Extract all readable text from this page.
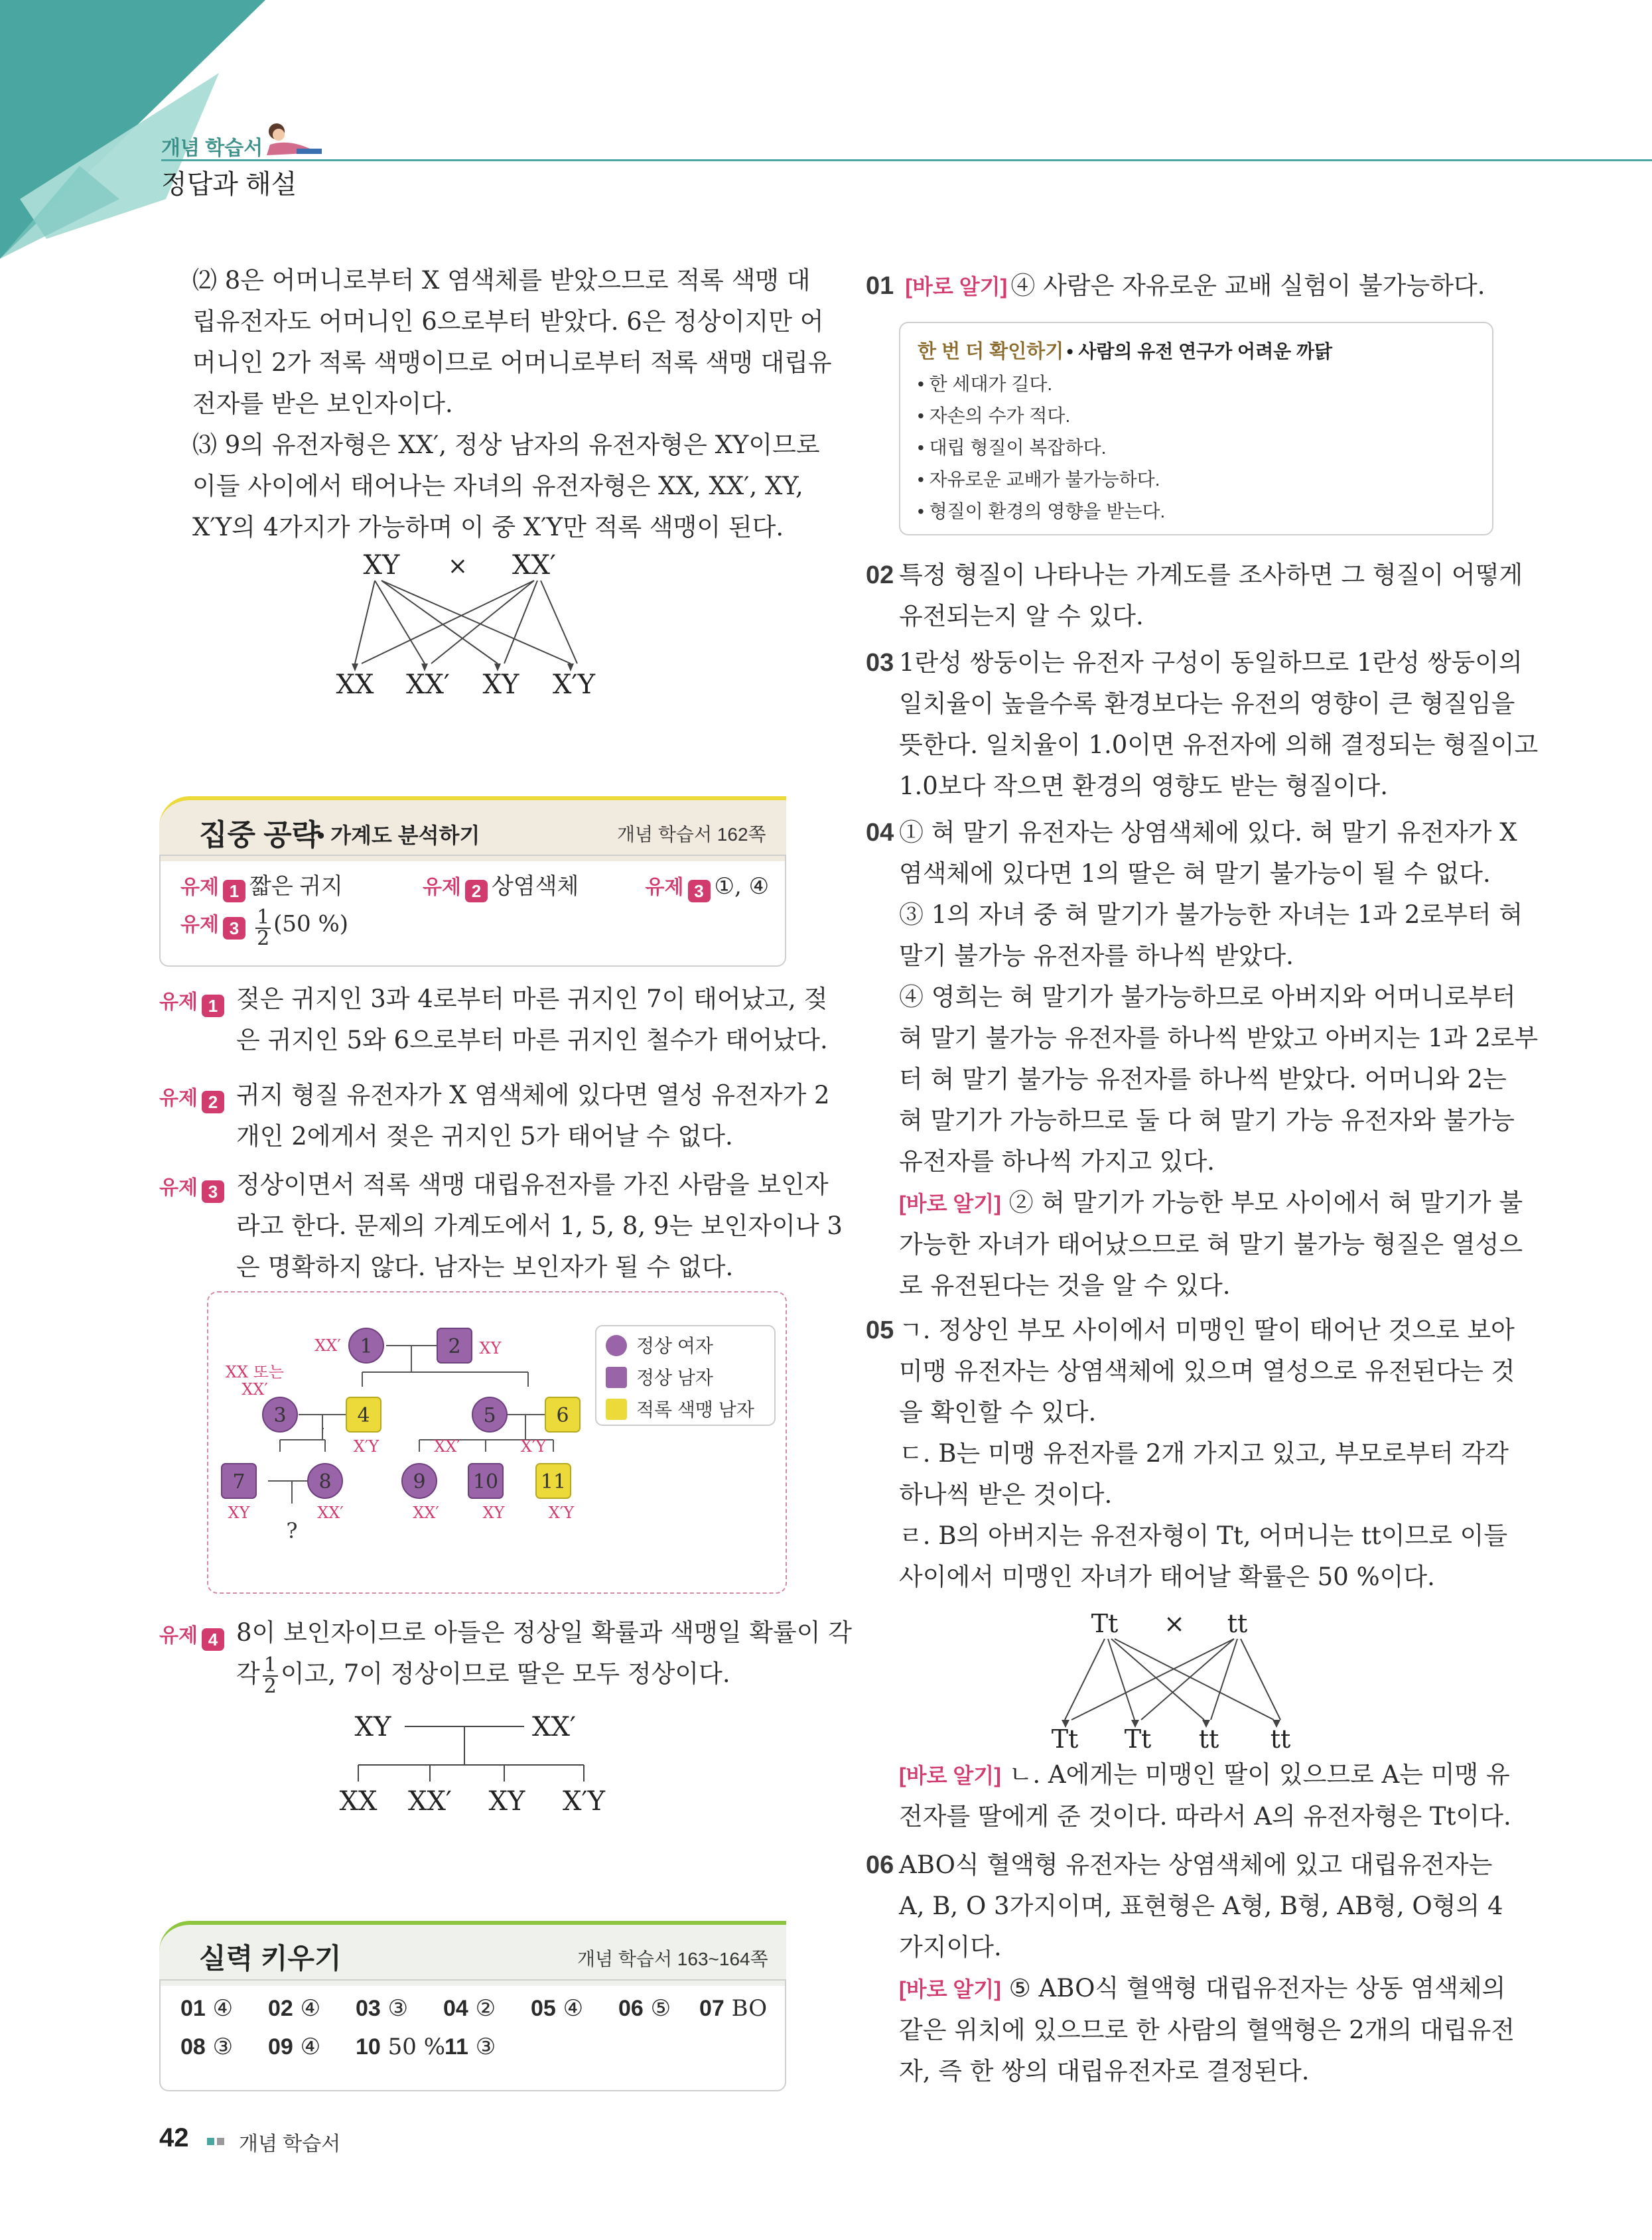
개념 학습서
정답과 해설
⑵ 8은 어머니로부터 X 염색체를 받았으므로 적록 색맹 대
립유전자도 어머니인 6으로부터 받았다. 6은 정상이지만 어
머니인 2가 적록 색맹이므로 어머니로부터 적록 색맹 대립유
전자를 받은 보인자이다.
⑶ 9의 유전자형은 XX′, 정상 남자의 유전자형은 XY이므로
이들 사이에서 태어나는 자녀의 유전자형은 XX, XX′, XY,
X′Y의 4가지가 가능하며 이 중 X′Y만 적록 색맹이 된다.
XY × XX′
XX XX′ XY X′Y
집중 공략
• 가계도 분석하기	개념 학습서 162쪽
유제 1 짧은 귀지	유제 2 상염색체	유제 3 ①, ④
유제 $3 \frac{1}{2} (50$ %)
유제 1 젖은 귀지인 3과 4로부터 마른 귀지인 7이 태어났고, 젖
은 귀지인 5와 6으로부터 마른 귀지인 철수가 태어났다.
유제 2 귀지 형질 유전자가 X 염색체에 있다면 열성 유전자가 2
개인 2에게서 젖은 귀지인 5가 태어날 수 없다.
유제 3 정상이면서 적록 색맹 대립유전자를 가진 사람을 보인자
라고 한다. 문제의 가계도에서 1, 5, 8, 9는 보인자이나 3
은 명확하지 않다. 남자는 보인자가 될 수 없다.
1	2
3	4	5	6
7	8	9 10 11
XX′	XY
XX 또는
XX′
X′Y	XX′	X′Y
XY	XX′	XX′	XY	X′Y
?
정상 여자
정상 남자
적록 색맹 남자
유제 4 8이 보인자이므로 아들은 정상일 확률과 색맹일 확률이 각
각 $\frac{1}{2}$ 이고, 7이 정상이므로 딸은 모두 정상이다.
XY	XX′
XX XX′ XY X′Y
실력 키우기	개념 학습서 163~164쪽
01 ④ 02 ④ 03 ③ 04 ② 05 ④ 06 ⑤ 07 BO
08 ③ 09 ④ 10 50 %11 ③
42	개념 학습서
01 [바로 알기] ④ 사람은 자유로운 교배 실험이 불가능하다.
한 번 더 확인하기 • 사람의 유전 연구가 어려운 까닭
• 한 세대가 길다.
• 자손의 수가 적다.
• 대립 형질이 복잡하다.
• 자유로운 교배가 불가능하다.
• 형질이 환경의 영향을 받는다.
02 특정 형질이 나타나는 가계도를 조사하면 그 형질이 어떻게
유전되는지 알 수 있다.
03 1란성 쌍둥이는 유전자 구성이 동일하므로 1란성 쌍둥이의
일치율이 높을수록 환경보다는 유전의 영향이 큰 형질임을
뜻한다. 일치율이 1.0이면 유전자에 의해 결정되는 형질이고
1.0보다 작으면 환경의 영향도 받는 형질이다.
04 ① 혀 말기 유전자는 상염색체에 있다. 혀 말기 유전자가 X
염색체에 있다면 1의 딸은 혀 말기 불가능이 될 수 없다.
③ 1의 자녀 중 혀 말기가 불가능한 자녀는 1과 2로부터 혀
말기 불가능 유전자를 하나씩 받았다.
④ 영희는 혀 말기가 불가능하므로 아버지와 어머니로부터
혀 말기 불가능 유전자를 하나씩 받았고 아버지는 1과 2로부
터 혀 말기 불가능 유전자를 하나씩 받았다. 어머니와 2는
혀 말기가 가능하므로 둘 다 혀 말기 가능 유전자와 불가능
유전자를 하나씩 가지고 있다.
[바로 알기] ② 혀 말기가 가능한 부모 사이에서 혀 말기가 불
가능한 자녀가 태어났으므로 혀 말기 불가능 형질은 열성으
로 유전된다는 것을 알 수 있다.
05 ㄱ. 정상인 부모 사이에서 미맹인 딸이 태어난 것으로 보아
미맹 유전자는 상염색체에 있으며 열성으로 유전된다는 것
을 확인할 수 있다.
ㄷ. B는 미맹 유전자를 2개 가지고 있고, 부모로부터 각각
하나씩 받은 것이다.
ㄹ. B의 아버지는 유전자형이 Tt, 어머니는 tt이므로 이들
사이에서 미맹인 자녀가 태어날 확률은 50 %이다.
Tt × tt
Tt Tt tt tt
[바로 알기] ㄴ. A에게는 미맹인 딸이 있으므로 A는 미맹 유
전자를 딸에게 준 것이다. 따라서 A의 유전자형은 Tt이다.
06 ABO식 혈액형 유전자는 상염색체에 있고 대립유전자는
A, B, O 3가지이며, 표현형은 A형, B형, AB형, O형의 4
가지이다.
[바로 알기] ⑤ ABO식 혈액형 대립유전자는 상동 염색체의
같은 위치에 있으므로 한 사람의 혈액형은 2개의 대립유전
자, 즉 한 쌍의 대립유전자로 결정된다.
